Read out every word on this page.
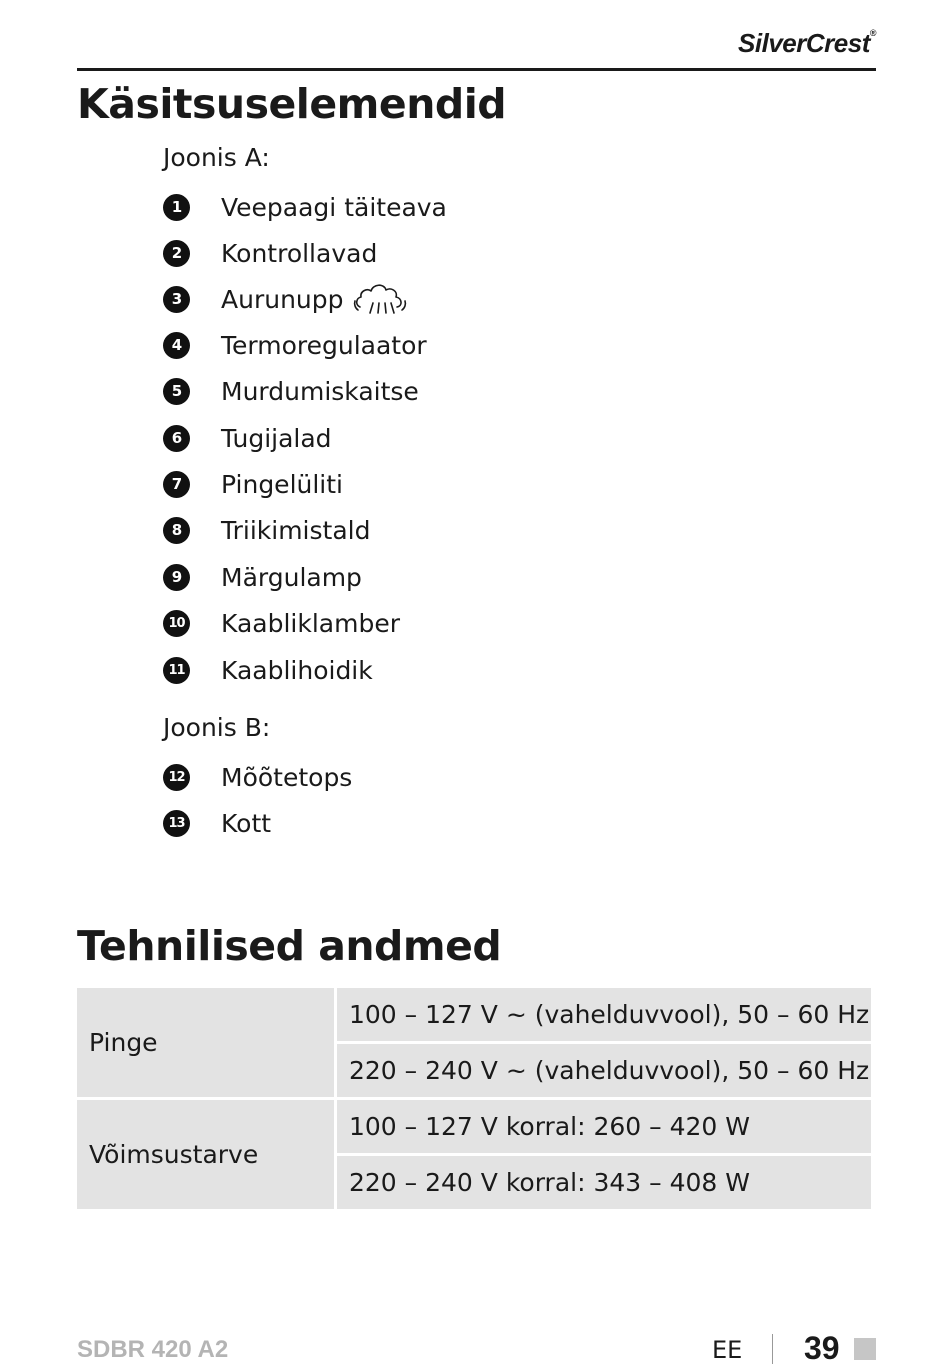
SilverCrest®
Käsitsuselemendid
Joonis A:
1	Veepaagi täiteava
2	Kontrollavad
3	Aurunupp
4	Termoregulaator
5	Murdumiskaitse
6	Tugijalad
7	Pingelüliti
8	Triikimistald
9	Märgulamp
10 Kaabliklamber
11 Kaablihoidik
Joonis B:
12 Mõõtetops
13 Kott
Tehnilised andmed
Pinge	100 – 127 V ~ (vahelduvvool), 50 – 60 Hz
	220 – 240 V ~ (vahelduvvool), 50 – 60 Hz
Võimsustarve	100 – 127 V korral: 260 – 420 W
	220 – 240 V korral: 343 – 408 W
SDBR 420 A2	EE 39
